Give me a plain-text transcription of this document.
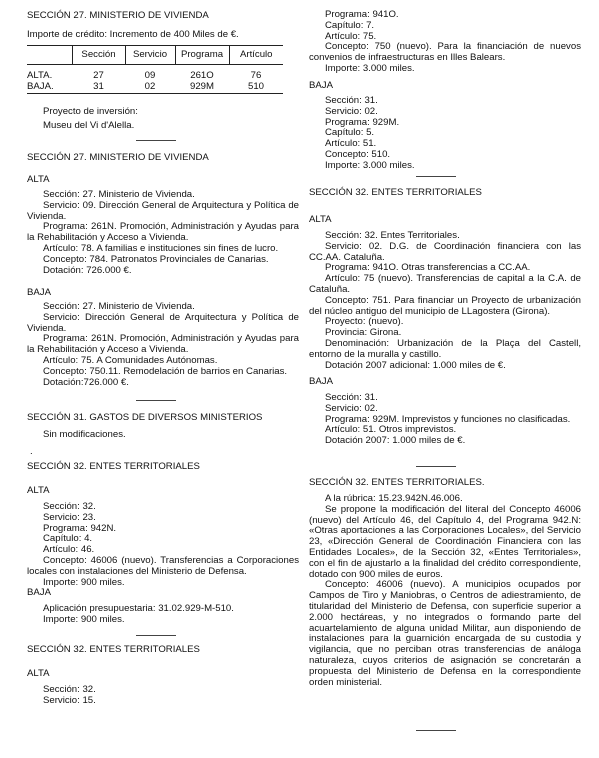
SECCIÓN 27. MINISTERIO DE VIVIENDA
Importe de crédito: Incremento de 400 Miles de €.
	Sección	Servicio	Programa	Artículo
ALTA.	27	09	261O	76
BAJA.	31	02	929M	510
Proyecto de inversión:
Museu del Vi d'Alella.
SECCIÓN 27. MINISTERIO DE VIVIENDA
ALTA
Sección: 27. Ministerio de Vivienda.
Servicio: 09. Dirección General de Arquitectura y Política de Vivienda.
Programa: 261N. Promoción, Administración y Ayudas para la Rehabilitación y Acceso a Vivienda.
Artículo: 78. A familias e instituciones sin fines de lucro.
Concepto: 784. Patronatos Provinciales de Canarias.
Dotación: 726.000 €.
BAJA
Sección: 27. Ministerio de Vivienda.
Servicio: Dirección General de Arquitectura y Política de Vivienda.
Programa: 261N. Promoción, Administración y Ayudas para la Rehabilitación y Acceso a Vivienda.
Artículo: 75. A Comunidades Autónomas.
Concepto: 750.11. Remodelación de barrios en Canarias.
Dotación:726.000 €.
SECCIÓN 31. GASTOS DE DIVERSOS MINISTERIOS
Sin modificaciones.
.
SECCIÓN 32. ENTES TERRITORIALES
ALTA
Sección: 32.
Servicio: 23.
Programa: 942N.
Capítulo: 4.
Artículo: 46.
Concepto: 46006 (nuevo). Transferencias a Corporaciones locales con instalaciones del Ministerio de Defensa.
Importe: 900 miles.
BAJA
Aplicación presupuestaria: 31.02.929-M-510.
Importe: 900 miles.
SECCIÓN 32. ENTES TERRITORIALES
ALTA
Sección: 32.
Servicio: 15.
Programa: 941O.
Capítulo: 7.
Artículo: 75.
Concepto: 750 (nuevo). Para la financiación de nuevos convenios de infraestructuras en Illes Balears.
Importe: 3.000 miles.
BAJA
Sección: 31.
Servicio: 02.
Programa: 929M.
Capítulo: 5.
Artículo: 51.
Concepto: 510.
Importe: 3.000 miles.
SECCIÓN 32. ENTES TERRITORIALES
ALTA
Sección: 32. Entes Territoriales.
Servicio: 02. D.G. de Coordinación financiera con las CC.AA. Cataluña.
Programa: 941O. Otras transferencias a CC.AA.
Artículo: 75 (nuevo). Transferencias de capital a la C.A. de Cataluña.
Concepto: 751. Para financiar un Proyecto de urbanización del núcleo antiguo del municipio de LLagostera (Girona).
Proyecto: (nuevo).
Provincia: Girona.
Denominación: Urbanización de la Plaça del Castell, entorno de la muralla y castillo.
Dotación 2007 adicional: 1.000 miles de €.
BAJA
Sección: 31.
Servicio: 02.
Programa: 929M. Imprevistos y funciones no clasificadas.
Artículo: 51. Otros imprevistos.
Dotación 2007: 1.000 miles de €.
SECCIÓN 32. ENTES TERRITORIALES.
A la rúbrica: 15.23.942N.46.006.
Se propone la modificación del literal del Concepto 46006 (nuevo) del Artículo 46, del Capítulo 4, del Programa 942.N: «Otras aportaciones a las Corporaciones Locales», del Servicio 23, «Dirección General de Coordinación Financiera con las Entidades Locales», de la Sección 32, «Entes Territoriales», con el fin de ajustarlo a la finalidad del crédito correspondiente, dotado con 900 miles de euros.
Concepto: 46006 (nuevo). A municipios ocupados por Campos de Tiro y Maniobras, o Centros de adiestramiento, de titularidad del Ministerio de Defensa, con superficie superior a 2.000 hectáreas, y no integrados o formando parte del acuartelamiento de alguna unidad Militar, aun disponiendo de instalaciones para la guarnición encargada de su custodia y vigilancia, que no perciban otras transferencias de análoga naturaleza, cuyos criterios de asignación se concretarán a propuesta del Ministerio de Defensa en la correspondiente orden ministerial.
